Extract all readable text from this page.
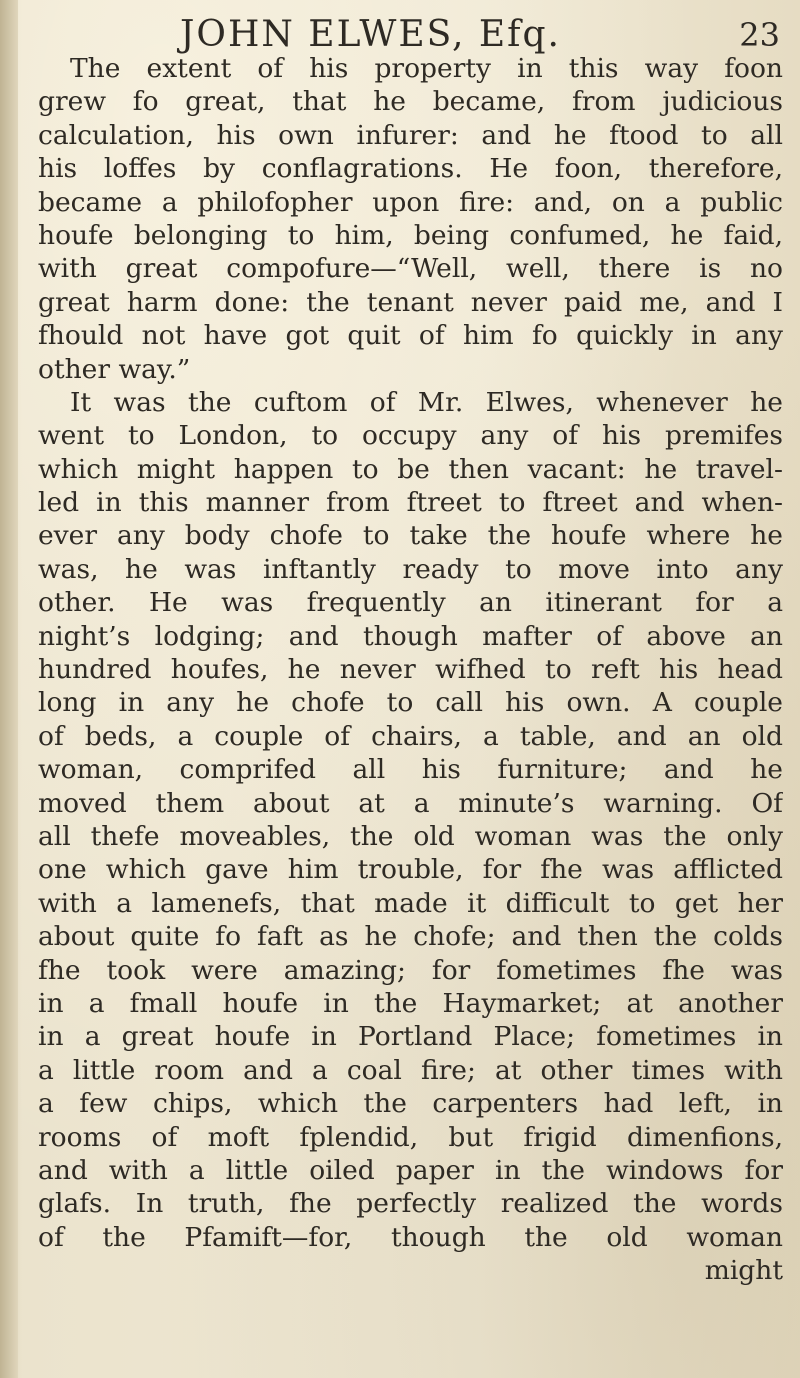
JOHN ELWES, Efq.	23
The extent of his property in this way foon
grew fo great, that he became, from judicious
calculation, his own infurer: and he ftood to all
his loffes by conflagrations. He foon, therefore,
became a philofopher upon fire: and, on a public
houfe belonging to him, being confumed, he faid,
with great compofure—“Well, well, there is no
great harm done: the tenant never paid me, and I
fhould not have got quit of him fo quickly in any
other way.”
It was the cuftom of Mr. Elwes, whenever he
went to London, to occupy any of his premifes
which might happen to be then vacant: he travel-
led in this manner from ftreet to ftreet and when-
ever any body chofe to take the houfe where he
was, he was inftantly ready to move into any
other. He was frequently an itinerant for a
night’s lodging; and though mafter of above an
hundred houfes, he never wifhed to reft his head
long in any he chofe to call his own. A couple
of beds, a couple of chairs, a table, and an old
woman, comprifed all his furniture; and he
moved them about at a minute’s warning. Of
all thefe moveables, the old woman was the only
one which gave him trouble, for fhe was afflicted
with a lamenefs, that made it difficult to get her
about quite fo faft as he chofe; and then the colds
fhe took were amazing; for fometimes fhe was
in a fmall houfe in the Haymarket; at another
in a great houfe in Portland Place; fometimes in
a little room and a coal fire; at other times with
a few chips, which the carpenters had left, in
rooms of moft fplendid, but frigid dimenfions,
and with a little oiled paper in the windows for
glafs. In truth, fhe perfectly realized the words
of the Pfamift—for, though the old woman
might
